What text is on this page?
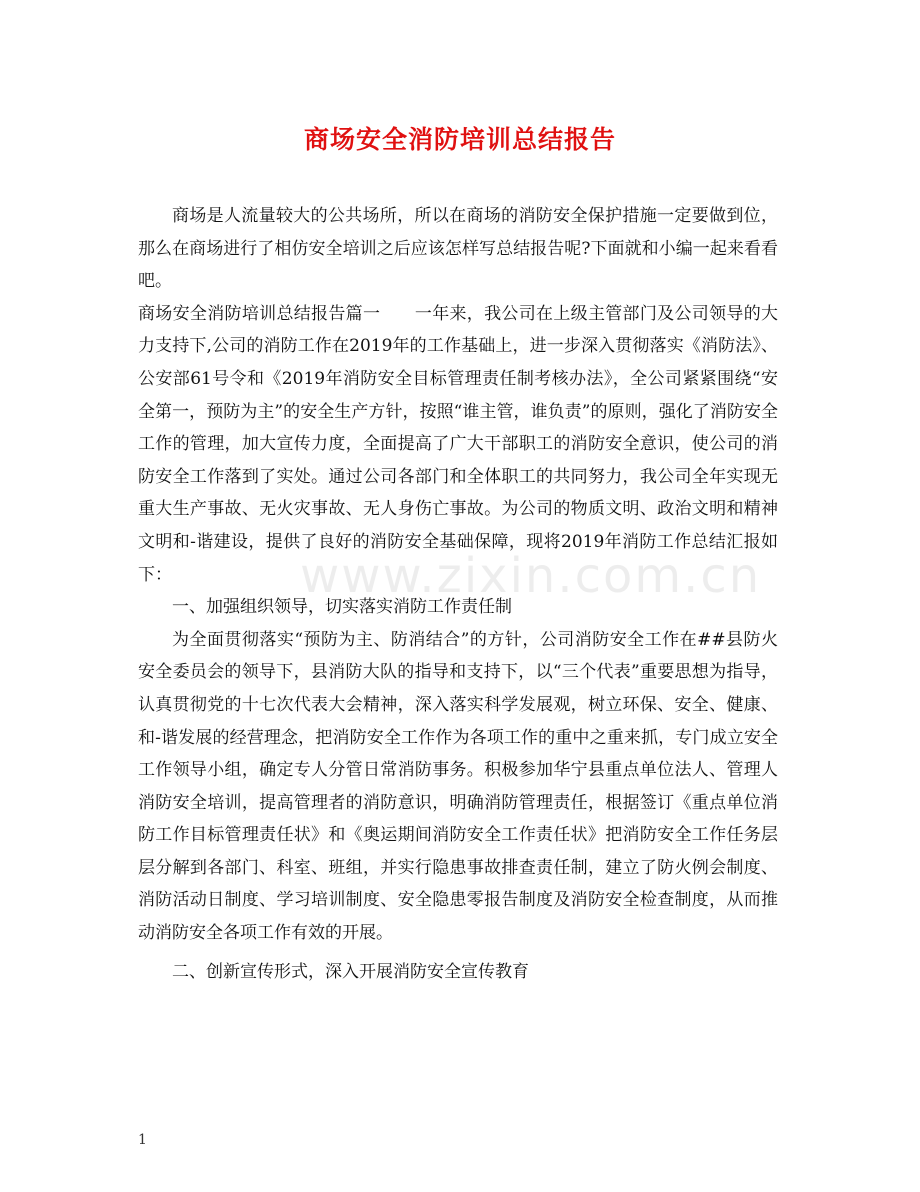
www.zixin.com.cn
商场安全消防培训总结报告

商场是人流量较大的公共场所，所以在商场的消防安全保护措施一定要做到位，那么在商场进行了相仿安全培训之后应该怎样写总结报告呢?下面就和小编一起来看看吧。

商场安全消防培训总结报告篇一　　一年来，我公司在上级主管部门及公司领导的大力支持下,公司的消防工作在2019年的工作基础上，进一步深入贯彻落实《消防法》、公安部61号令和《2019年消防安全目标管理责任制考核办法》，全公司紧紧围绕“安全第一，预防为主”的安全生产方针，按照“谁主管，谁负责”的原则，强化了消防安全工作的管理，加大宣传力度，全面提高了广大干部职工的消防安全意识，使公司的消防安全工作落到了实处。通过公司各部门和全体职工的共同努力，我公司全年实现无重大生产事故、无火灾事故、无人身伤亡事故。为公司的物质文明、政治文明和精神文明和-谐建设，提供了良好的消防安全基础保障，现将2019年消防工作总结汇报如下：

一、加强组织领导，切实落实消防工作责任制

为全面贯彻落实“预防为主、防消结合”的方针，公司消防安全工作在##县防火安全委员会的领导下，县消防大队的指导和支持下，以“三个代表”重要思想为指导，认真贯彻党的十七次代表大会精神，深入落实科学发展观，树立环保、安全、健康、和-谐发展的经营理念，把消防安全工作作为各项工作的重中之重来抓，专门成立安全工作领导小组，确定专人分管日常消防事务。积极参加华宁县重点单位法人、管理人消防安全培训，提高管理者的消防意识，明确消防管理责任，根据签订《重点单位消防工作目标管理责任状》和《奥运期间消防安全工作责任状》把消防安全工作任务层层分解到各部门、科室、班组，并实行隐患事故排查责任制，建立了防火例会制度、消防活动日制度、学习培训制度、安全隐患零报告制度及消防安全检查制度，从而推动消防安全各项工作有效的开展。

二、创新宣传形式，深入开展消防安全宣传教育

1
